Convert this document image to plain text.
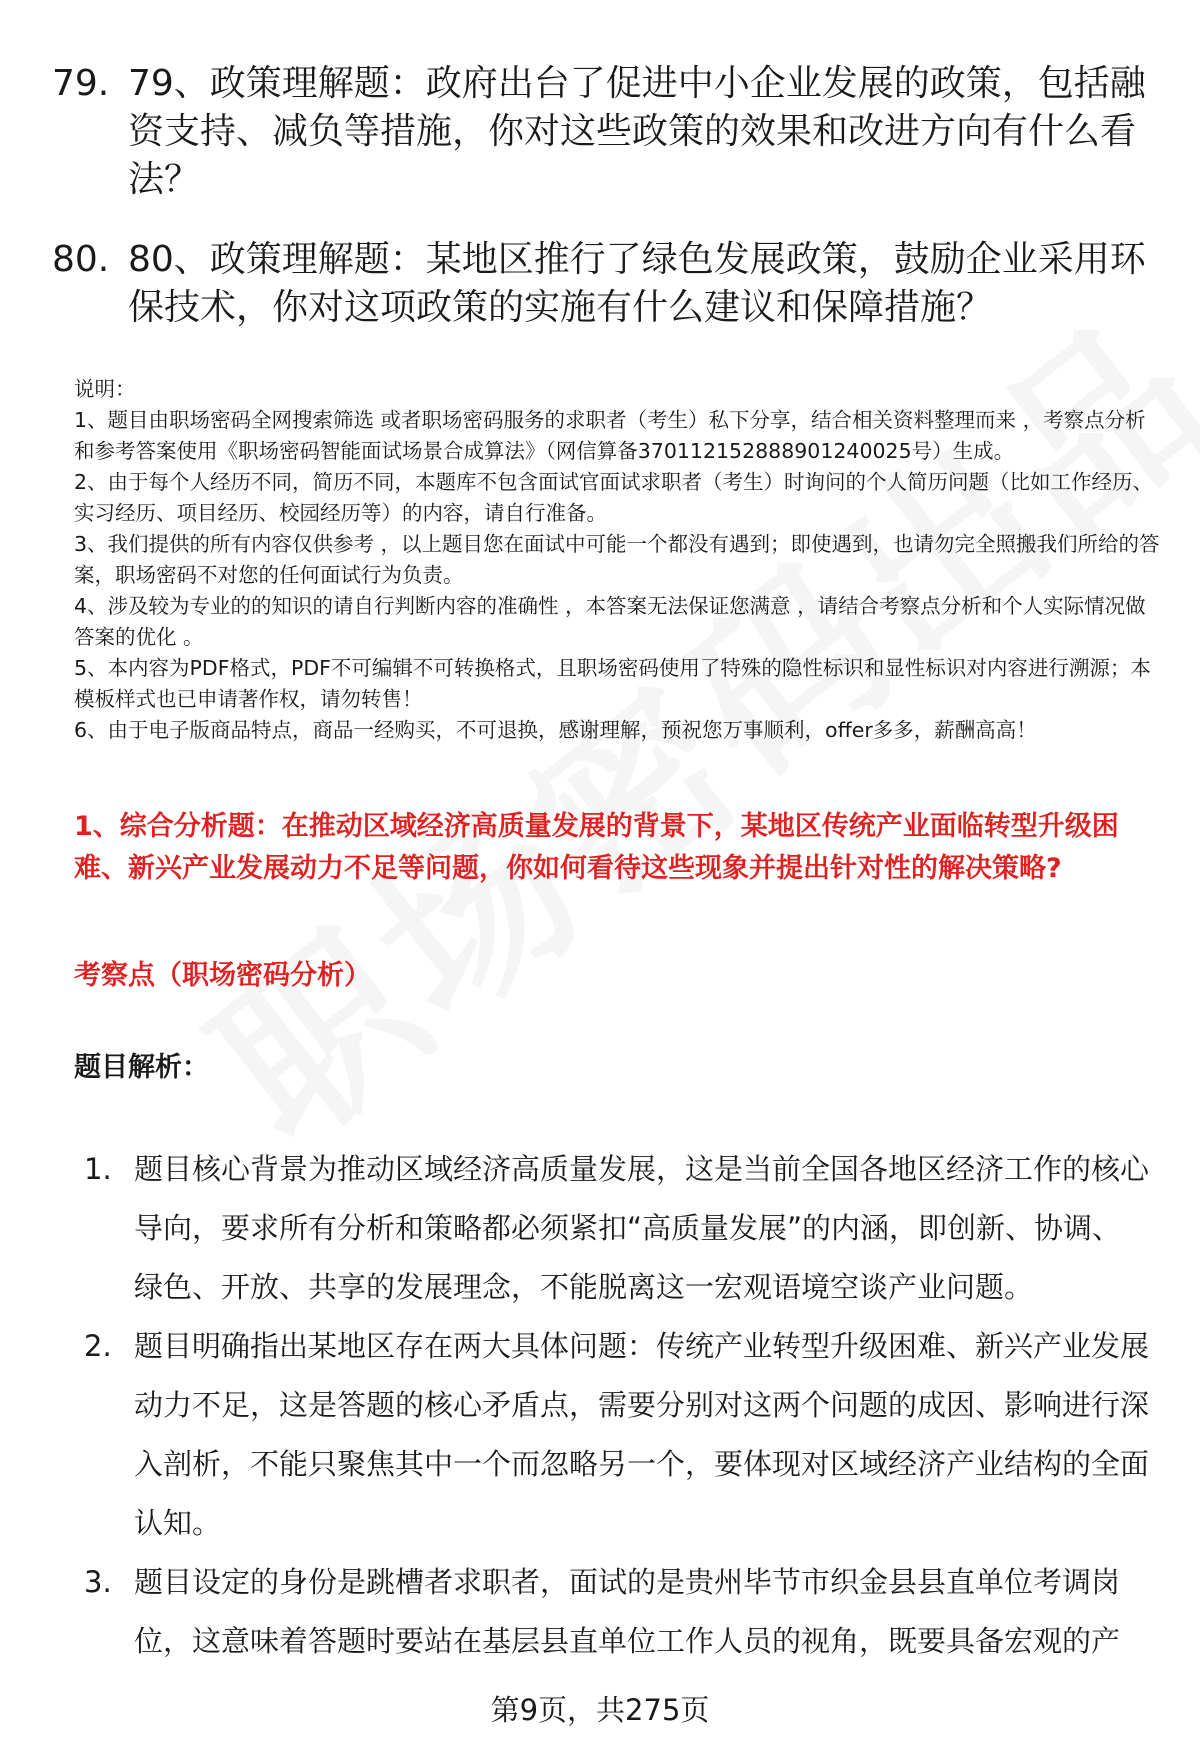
79. 79、政策理解题：政府出台了促进中小企业发展的政策，包括融资支持、减负等措施，你对这些政策的效果和改进方向有什么看法？
80. 80、政策理解题：某地区推行了绿色发展政策，鼓励企业采用环保技术，你对这项政策的实施有什么建议和保障措施？

说明：

1、题目由职场密码全网搜索筛选 或者职场密码服务的求职者（考生）私下分享，结合相关资料整理而来 ，考察点分析和参考答案使用《职场密码智能面试场景合成算法》（网信算备370112152888901240025号）生成。

2、由于每个人经历不同，简历不同，本题库不包含面试官面试求职者（考生）时询问的个人简历问题（比如工作经历、实习经历、项目经历、校园经历等）的内容，请自行准备。

3、我们提供的所有内容仅供参考 ，以上题目您在面试中可能一个都没有遇到；即使遇到，也请勿完全照搬我们所给的答案，职场密码不对您的任何面试行为负责。

4、涉及较为专业的的知识的请自行判断内容的准确性 ，本答案无法保证您满意 ，请结合考察点分析和个人实际情况做答案的优化 。

5、本内容为PDF格式，PDF不可编辑不可转换格式，且职场密码使用了特殊的隐性标识和显性标识对内容进行溯源；本模板样式也已申请著作权，请勿转售！

6、由于电子版商品特点，商品一经购买，不可退换，感谢理解，预祝您万事顺利，offer多多，薪酬高高！

1、综合分析题：在推动区域经济高质量发展的背景下，某地区传统产业面临转型升级困难、新兴产业发展动力不足等问题，你如何看待这些现象并提出针对性的解决策略?
考察点（职场密码分析）
题目解析：
1. 题目核心背景为推动区域经济高质量发展，这是当前全国各地区经济工作的核心导向，要求所有分析和策略都必须紧扣“高质量发展”的内涵，即创新、协调、绿色、开放、共享的发展理念，不能脱离这一宏观语境空谈产业问题。
2. 题目明确指出某地区存在两大具体问题：传统产业转型升级困难、新兴产业发展动力不足，这是答题的核心矛盾点，需要分别对这两个问题的成因、影响进行深入剖析，不能只聚焦其中一个而忽略另一个，要体现对区域经济产业结构的全面认知。
3. 题目设定的身份是跳槽者求职者，面试的是贵州毕节市织金县县直单位考调岗位，这意味着答题时要站在基层县直单位工作人员的视角，既要具备宏观的产
第9页，共275页
